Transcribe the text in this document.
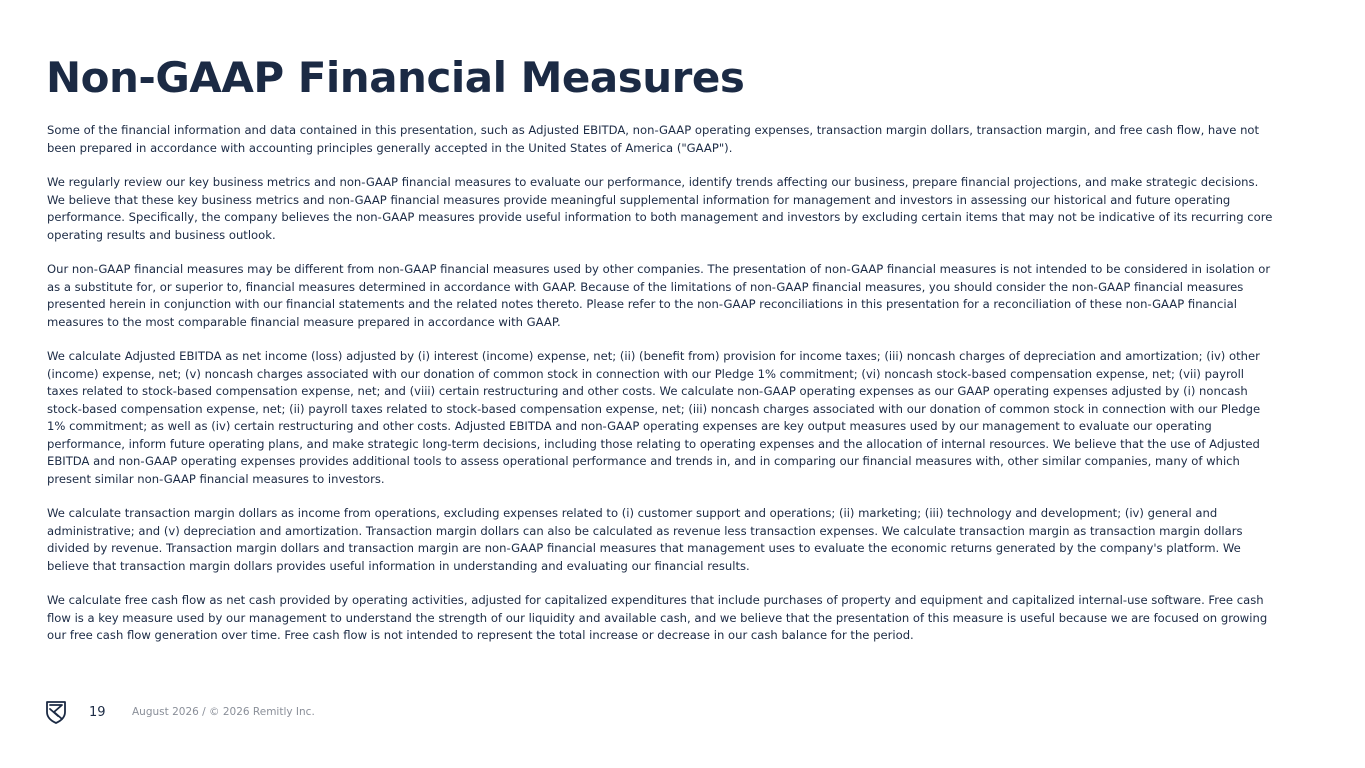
Non-GAAP Financial Measures

Some of the financial information and data contained in this presentation, such as Adjusted EBITDA, non-GAAP operating expenses, transaction margin dollars, transaction margin, and free cash flow, have not been prepared in accordance with accounting principles generally accepted in the United States of America ("GAAP").

We regularly review our key business metrics and non-GAAP financial measures to evaluate our performance, identify trends affecting our business, prepare financial projections, and make strategic decisions. We believe that these key business metrics and non-GAAP financial measures provide meaningful supplemental information for management and investors in assessing our historical and future operating performance. Specifically, the company believes the non-GAAP measures provide useful information to both management and investors by excluding certain items that may not be indicative of its recurring core operating results and business outlook.

Our non-GAAP financial measures may be different from non-GAAP financial measures used by other companies. The presentation of non-GAAP financial measures is not intended to be considered in isolation or as a substitute for, or superior to, financial measures determined in accordance with GAAP. Because of the limitations of non-GAAP financial measures, you should consider the non-GAAP financial measures presented herein in conjunction with our financial statements and the related notes thereto. Please refer to the non-GAAP reconciliations in this presentation for a reconciliation of these non-GAAP financial measures to the most comparable financial measure prepared in accordance with GAAP.

We calculate Adjusted EBITDA as net income (loss) adjusted by (i) interest (income) expense, net; (ii) (benefit from) provision for income taxes; (iii) noncash charges of depreciation and amortization; (iv) other (income) expense, net; (v) noncash charges associated with our donation of common stock in connection with our Pledge 1% commitment; (vi) noncash stock-based compensation expense, net; (vii) payroll taxes related to stock-based compensation expense, net; and (viii) certain restructuring and other costs. We calculate non-GAAP operating expenses as our GAAP operating expenses adjusted by (i) noncash stock-based compensation expense, net; (ii) payroll taxes related to stock-based compensation expense, net; (iii) noncash charges associated with our donation of common stock in connection with our Pledge 1% commitment; as well as (iv) certain restructuring and other costs. Adjusted EBITDA and non-GAAP operating expenses are key output measures used by our management to evaluate our operating performance, inform future operating plans, and make strategic long-term decisions, including those relating to operating expenses and the allocation of internal resources. We believe that the use of Adjusted EBITDA and non-GAAP operating expenses provides additional tools to assess operational performance and trends in, and in comparing our financial measures with, other similar companies, many of which present similar non-GAAP financial measures to investors.

We calculate transaction margin dollars as income from operations, excluding expenses related to (i) customer support and operations; (ii) marketing; (iii) technology and development; (iv) general and administrative; and (v) depreciation and amortization. Transaction margin dollars can also be calculated as revenue less transaction expenses. We calculate transaction margin as transaction margin dollars divided by revenue. Transaction margin dollars and transaction margin are non-GAAP financial measures that management uses to evaluate the economic returns generated by the company's platform. We believe that transaction margin dollars provides useful information in understanding and evaluating our financial results.

We calculate free cash flow as net cash provided by operating activities, adjusted for capitalized expenditures that include purchases of property and equipment and capitalized internal-use software. Free cash flow is a key measure used by our management to understand the strength of our liquidity and available cash, and we believe that the presentation of this measure is useful because we are focused on growing our free cash flow generation over time. Free cash flow is not intended to represent the total increase or decrease in our cash balance for the period.

19	August 2026 / © 2026 Remitly Inc.
